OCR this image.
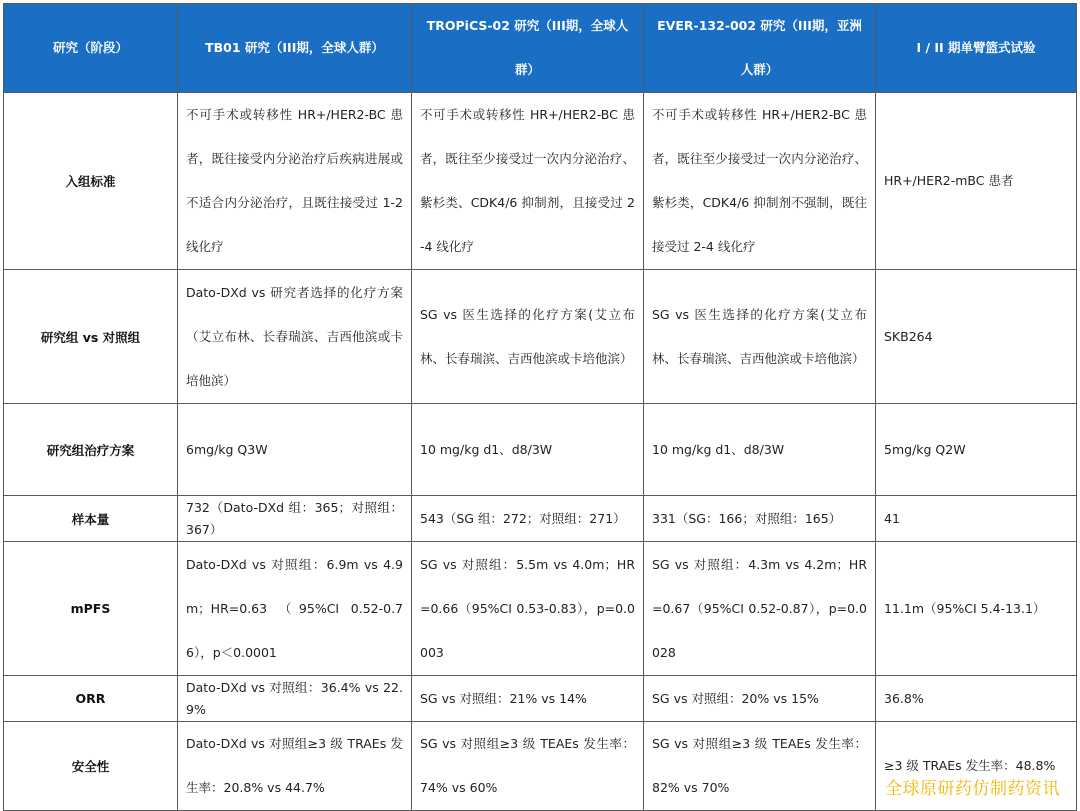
研究（阶段）	TB01 研究（III期，全球人群）	TROPiCS-02 研究（III期，全球人群）	EVER-132-002 研究（III期，亚洲人群）	I / II 期单臂篮式试验
入组标准	不可手术或转移性 HR+/HER2-BC 患者，既往接受内分泌治疗后疾病进展或不适合内分泌治疗，且既往接受过 1-2 线化疗	不可手术或转移性 HR+/HER2-BC 患者，既往至少接受过一次内分泌治疗、紫杉类、CDK4/6 抑制剂，且接受过 2-4 线化疗	不可手术或转移性 HR+/HER2-BC 患者，既往至少接受过一次内分泌治疗、紫杉类，CDK4/6 抑制剂不强制，既往接受过 2-4 线化疗	HR+/HER2-mBC 患者
研究组 vs 对照组	Dato-DXd vs 研究者选择的化疗方案（艾立布林、长春瑞滨、吉西他滨或卡培他滨）	SG vs 医生选择的化疗方案(艾立布林、长春瑞滨、吉西他滨或卡培他滨）	SG vs 医生选择的化疗方案(艾立布林、长春瑞滨、吉西他滨或卡培他滨）	SKB264
研究组治疗方案	6mg/kg Q3W	10 mg/kg d1、d8/3W	10 mg/kg d1、d8/3W	5mg/kg Q2W
样本量	732（Dato-DXd 组：365；对照组：367）	543（SG 组：272；对照组：271）	331（SG：166；对照组：165）	41
mPFS	Dato-DXd vs 对照组：6.9m vs 4.9m；HR=0.63 （95%CI 0.52-0.76），p＜0.0001	SG vs 对照组：5.5m vs 4.0m；HR=0.66（95%CI 0.53-0.83），p=0.0003	SG vs 对照组：4.3m vs 4.2m；HR=0.67（95%CI 0.52-0.87），p=0.0028	11.1m（95%CI 5.4-13.1）
ORR	Dato-DXd vs 对照组：36.4% vs 22.9%	SG vs 对照组：21% vs 14%	SG vs 对照组：20% vs 15%	36.8%
安全性	Dato-DXd vs 对照组≥3 级 TRAEs 发生率：20.8% vs 44.7%	SG vs 对照组≥3 级 TEAEs 发生率：74% vs 60%	SG vs 对照组≥3 级 TEAEs 发生率：82% vs 70%	≥3 级 TRAEs 发生率：48.8%
全球原研药仿制药资讯
